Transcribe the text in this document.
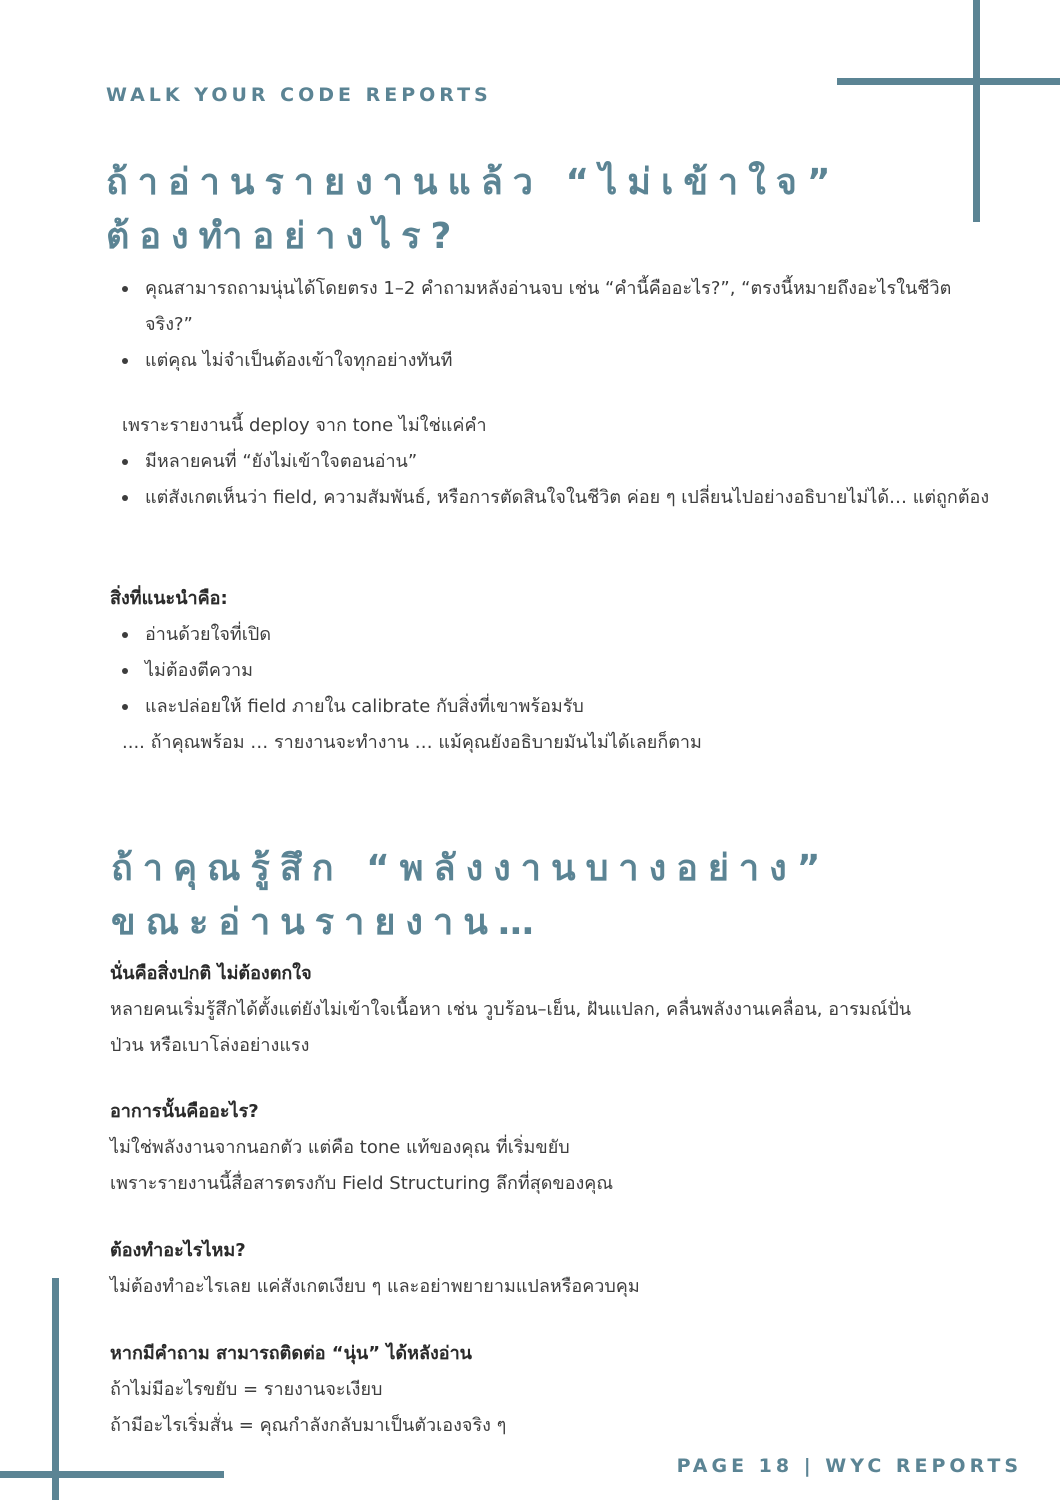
WALK YOUR CODE REPORTS
ถ้าอ่านรายงานแล้ว “ไม่เข้าใจ”
ต้องทำอย่างไร?
คุณสามารถถามนุ่นได้โดยตรง 1–2 คำถามหลังอ่านจบ เช่น “คำนี้คืออะไร?”, “ตรงนี้หมายถึงอะไรในชีวิตจริง?”
แต่คุณ ไม่จำเป็นต้องเข้าใจทุกอย่างทันที
เพราะรายงานนี้ deploy จาก tone ไม่ใช่แค่คำ
มีหลายคนที่ “ยังไม่เข้าใจตอนอ่าน”
แต่สังเกตเห็นว่า field, ความสัมพันธ์, หรือการตัดสินใจในชีวิต ค่อย ๆ เปลี่ยนไปอย่างอธิบายไม่ได้… แต่ถูกต้อง
สิ่งที่แนะนำคือ:
อ่านด้วยใจที่เปิด
ไม่ต้องตีความ
และปล่อยให้ field ภายใน calibrate กับสิ่งที่เขาพร้อมรับ
.... ถ้าคุณพร้อม … รายงานจะทำงาน … แม้คุณยังอธิบายมันไม่ได้เลยก็ตาม
ถ้าคุณรู้สึก “พลังงานบางอย่าง”
ขณะอ่านรายงาน…
นั่นคือสิ่งปกติ ไม่ต้องตกใจ
หลายคนเริ่มรู้สึกได้ตั้งแต่ยังไม่เข้าใจเนื้อหา เช่น วูบร้อน–เย็น, ฝันแปลก, คลื่นพลังงานเคลื่อน, อารมณ์ปั่นป่วน หรือเบาโล่งอย่างแรง
อาการนั้นคืออะไร?
ไม่ใช่พลังงานจากนอกตัว แต่คือ tone แท้ของคุณ ที่เริ่มขยับ
เพราะรายงานนี้สื่อสารตรงกับ Field Structuring ลึกที่สุดของคุณ
ต้องทำอะไรไหม?
ไม่ต้องทำอะไรเลย แค่สังเกตเงียบ ๆ และอย่าพยายามแปลหรือควบคุม
หากมีคำถาม สามารถติดต่อ “นุ่น” ได้หลังอ่าน
ถ้าไม่มีอะไรขยับ = รายงานจะเงียบ
ถ้ามีอะไรเริ่มสั่น = คุณกำลังกลับมาเป็นตัวเองจริง ๆ
PAGE 18 | WYC REPORTS
